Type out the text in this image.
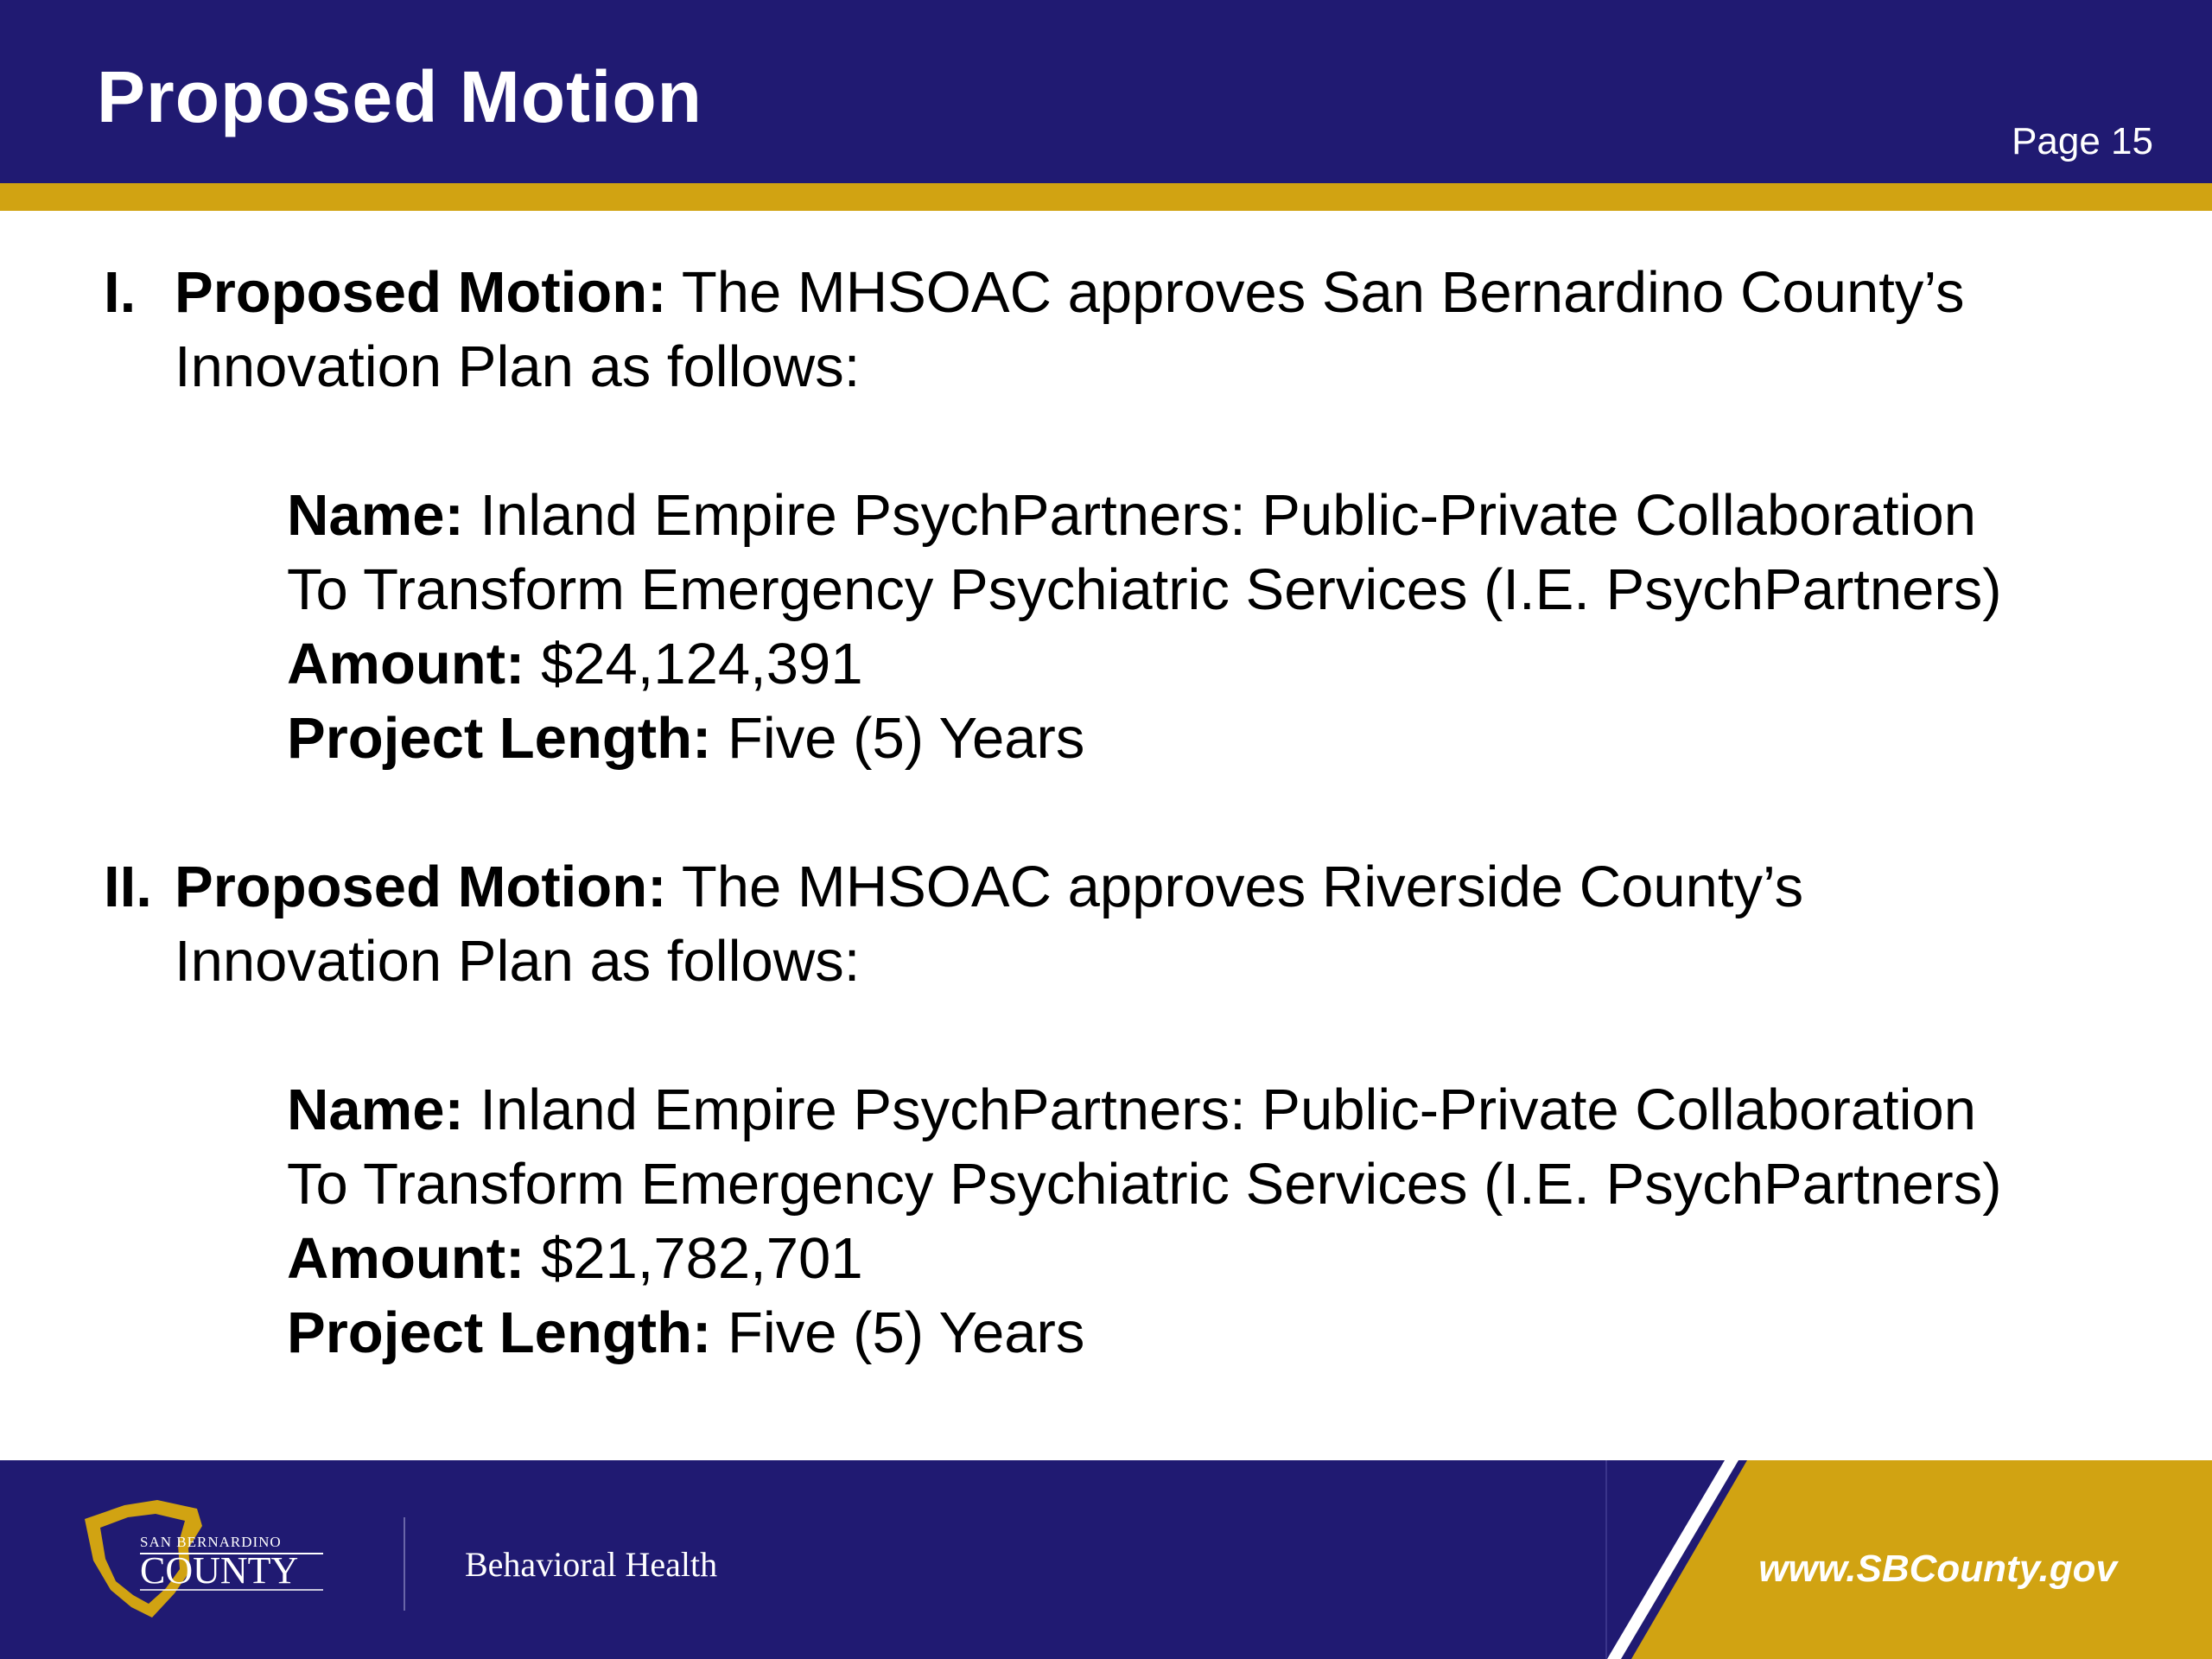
Proposed Motion
Page 15
I. Proposed Motion: The MHSOAC approves San Bernardino County’s
Innovation Plan as follows:
Name: Inland Empire PsychPartners: Public-Private Collaboration
To Transform Emergency Psychiatric Services (I.E. PsychPartners)
Amount: $24,124,391
Project Length: Five (5) Years
II. Proposed Motion: The MHSOAC approves Riverside County’s
Innovation Plan as follows:
Name: Inland Empire PsychPartners: Public-Private Collaboration
To Transform Emergency Psychiatric Services (I.E. PsychPartners)
Amount: $21,782,701
Project Length: Five (5) Years
SAN BERNARDINO
COUNTY	Behavioral Health	www.SBCounty.gov
